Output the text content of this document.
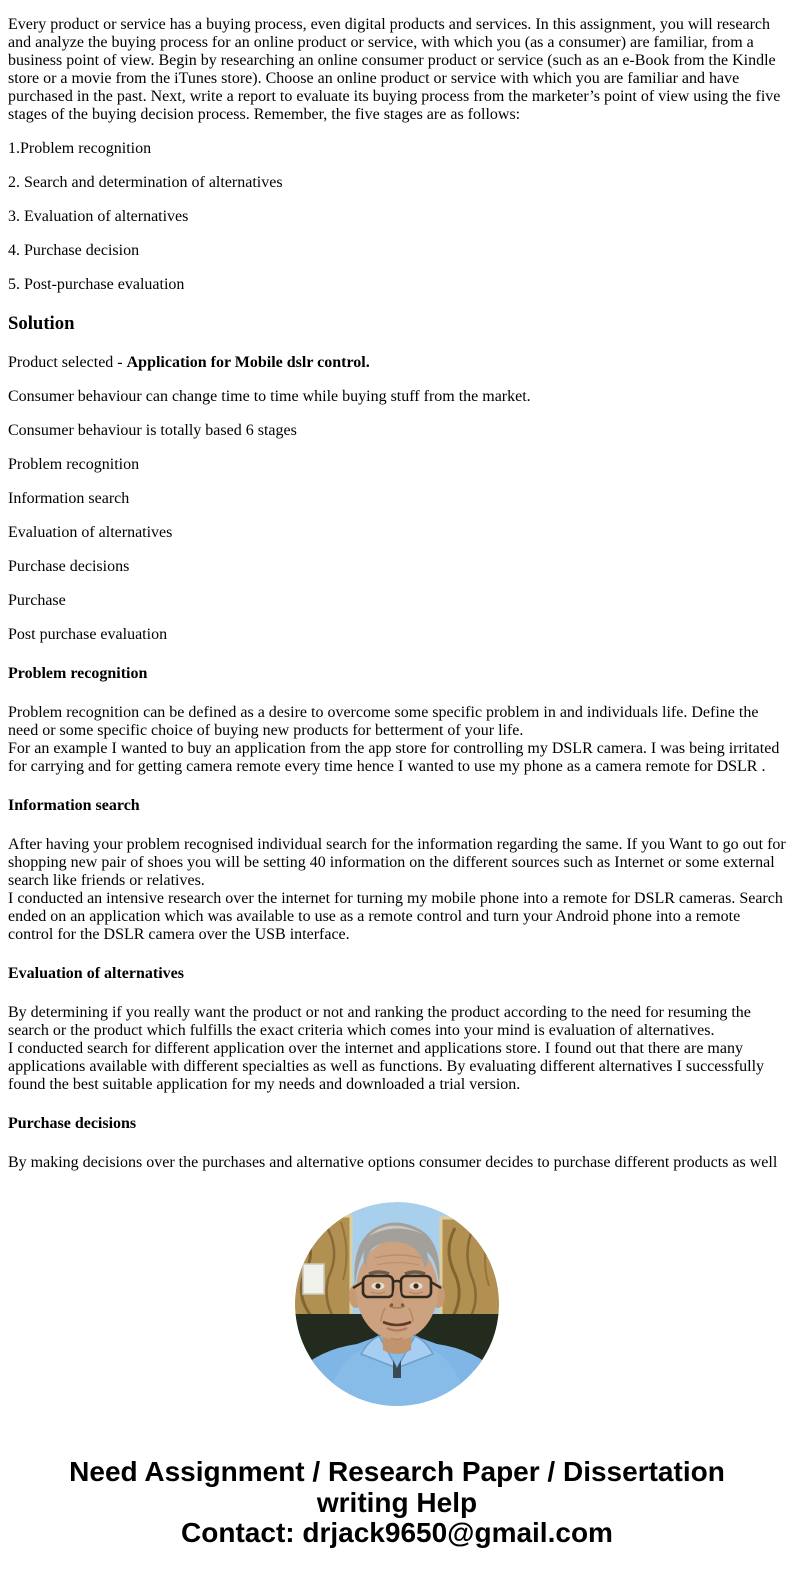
Every product or service has a buying process, even digital products and services. In this assignment, you will research and analyze the buying process for an online product or service, with which you (as a consumer) are familiar, from a business point of view. Begin by researching an online consumer product or service (such as an e-Book from the Kindle store or a movie from the iTunes store). Choose an online product or service with which you are familiar and have purchased in the past. Next, write a report to evaluate its buying process from the marketer’s point of view using the five stages of the buying decision process. Remember, the five stages are as follows:

1.Problem recognition

2. Search and determination of alternatives

3. Evaluation of alternatives

4. Purchase decision

5. Post-purchase evaluation

Solution

Product selected - Application for Mobile dslr control.

Consumer behaviour can change time to time while buying stuff from the market.

Consumer behaviour is totally based 6 stages

Problem recognition

Information search

Evaluation of alternatives

Purchase decisions

Purchase

Post purchase evaluation

Problem recognition

Problem recognition can be defined as a desire to overcome some specific problem in and individuals life. Define the need or some specific choice of buying new products for betterment of your life.
For an example I wanted to buy an application from the app store for controlling my DSLR camera. I was being irritated for carrying and for getting camera remote every time hence I wanted to use my phone as a camera remote for DSLR .

Information search

After having your problem recognised individual search for the information regarding the same. If you Want to go out for shopping new pair of shoes you will be setting 40 information on the different sources such as Internet or some external search like friends or relatives.
I conducted an intensive research over the internet for turning my mobile phone into a remote for DSLR cameras. Search ended on an application which was available to use as a remote control and turn your Android phone into a remote control for the DSLR camera over the USB interface.

Evaluation of alternatives

By determining if you really want the product or not and ranking the product according to the need for resuming the search or the product which fulfills the exact criteria which comes into your mind is evaluation of alternatives.
I conducted search for different application over the internet and applications store. I found out that there are many applications available with different specialties as well as functions. By evaluating different alternatives I successfully found the best suitable application for my needs and downloaded a trial version.

Purchase decisions

By making decisions over the purchases and alternative options consumer decides to purchase different products as well

Need Assignment / Research Paper / Dissertation
writing Help
Contact: drjack9650@gmail.com
